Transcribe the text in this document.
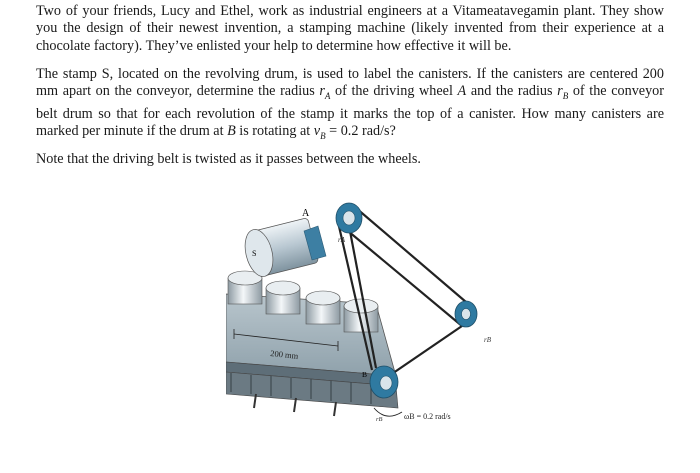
Two of your friends, Lucy and Ethel, work as industrial engineers at a Vitameatavegamin plant. They show you the design of their newest invention, a stamping machine (likely invented from their experience at a chocolate factory). They’ve enlisted your help to determine how effective it will be.

The stamp S, located on the revolving drum, is used to label the canisters. If the canisters are centered 200 mm apart on the conveyor, determine the radius $r_A$ of the driving wheel A and the radius $r_B$ of the conveyor belt drum so that for each revolution of the stamp it marks the top of a canister. How many canisters are marked per minute if the drum at B is rotating at $v_B = 0.2$ rad/s?

Note that the driving belt is twisted as it passes between the wheels.

A
S
rA
rB
200 mm
B
rB	ωB = 0.2 rad/s
